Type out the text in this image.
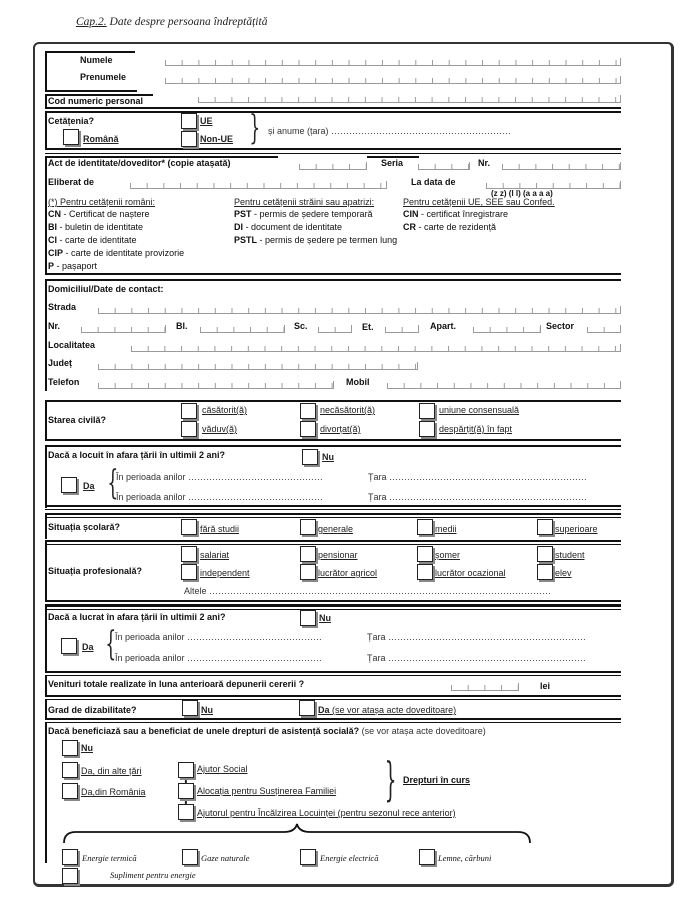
Cap.2. Date despre persoana îndreptățită
Numele
Prenumele
Cod numeric personal
Cetățenia?
Română
UE
Non-UE } și anume (țara) ……………………………………………………
Act de identitate/doveditor* (copie atașată)	Seria	Nr.
Eliberat de	La data de
(z z) (l l) (a a a a)
(*) Pentru cetățenii români:
CN - Certificat de naștere
BI - buletin de identitate
CI - carte de identitate
CIP - carte de identitate provizorie
P - pașaport
Pentru cetățenii străini sau apatrizi:
PST - permis de ședere temporară
DI - document de identitate
PSTL - permis de ședere pe termen lung
Pentru cetățenii UE, SEE sau Confed.
CIN - certificat înregistrare
CR - carte de rezidență
Domiciliul/Date de contact:
Strada
Nr.	Bl.	Sc.	Et.	Apart.	Sector
Localitatea
Județ
Telefon	Mobil
Starea civilă?
căsătorit(ă)	necăsătorit(ă)	uniune consensuală
văduv(ă)	divorțat(ă)	despărțit(ă) în fapt
Dacă a locuit în afara țării în ultimii 2 ani?	Nu
Da {
În perioada anilor ………………………………………	Țara …………………………………………………………
În perioada anilor ………………………………………	Țara …………………………………………………………
Situația școlară?	fără studii	generale	medii	superioare
Situația profesională?
salariat	pensionar	șomer	student
independent	lucrător agricol	lucrător ocazional	elev
Altele ……………………………………………………………………………………………………
Dacă a lucrat în afara țării în ultimii 2 ani?	Nu
Da {
În perioada anilor ………………………………………	Țara …………………………………………………………
În perioada anilor ………………………………………	Țara …………………………………………………………
Venituri totale realizate în luna anterioară depunerii cererii ?	lei
Grad de dizabilitate?	Nu	Da (se vor atașa acte doveditoare)
Dacă beneficiază sau a beneficiat de unele drepturi de asistență socială? (se vor atașa acte doveditoare)
Nu
Da, din alte țări
Da,din România
Ajutor Social
Alocația pentru Susținerea Familiei
Ajutorul pentru Încălzirea Locuinței (pentru sezonul rece anterior)
} Drepturi în curs
Energie termică	Gaze naturale	Energie electrică	Lemne, cărbuni
Supliment pentru energie
